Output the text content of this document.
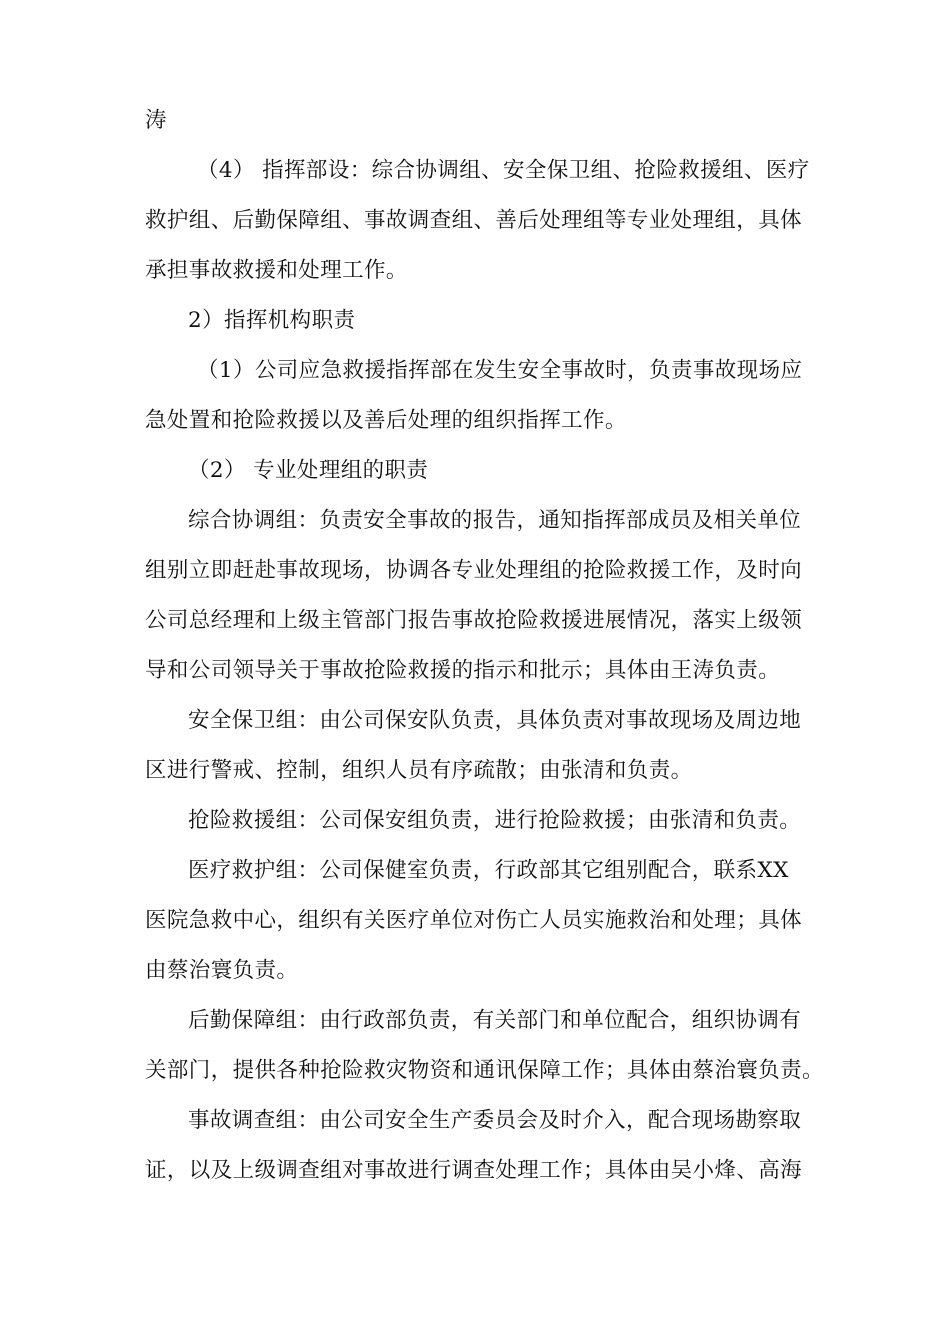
涛
（4） 指挥部设：综合协调组、安全保卫组、抢险救援组、医疗
救护组、后勤保障组、事故调查组、善后处理组等专业处理组，具体
承担事故救援和处理工作。
2）指挥机构职责
（1）公司应急救援指挥部在发生安全事故时，负责事故现场应
急处置和抢险救援以及善后处理的组织指挥工作。
（2） 专业处理组的职责
综合协调组：负责安全事故的报告，通知指挥部成员及相关单位
组别立即赶赴事故现场，协调各专业处理组的抢险救援工作，及时向
公司总经理和上级主管部门报告事故抢险救援进展情况，落实上级领
导和公司领导关于事故抢险救援的指示和批示；具体由王涛负责。
安全保卫组：由公司保安队负责，具体负责对事故现场及周边地
区进行警戒、控制，组织人员有序疏散；由张清和负责。
抢险救援组：公司保安组负责，进行抢险救援；由张清和负责。
医疗救护组：公司保健室负责，行政部其它组别配合，联系XX
医院急救中心，组织有关医疗单位对伤亡人员实施救治和处理；具体
由蔡治寰负责。
后勤保障组：由行政部负责，有关部门和单位配合，组织协调有
关部门，提供各种抢险救灾物资和通讯保障工作；具体由蔡治寰负责。
事故调查组：由公司安全生产委员会及时介入，配合现场勘察取
证，以及上级调查组对事故进行调查处理工作；具体由吴小烽、高海
